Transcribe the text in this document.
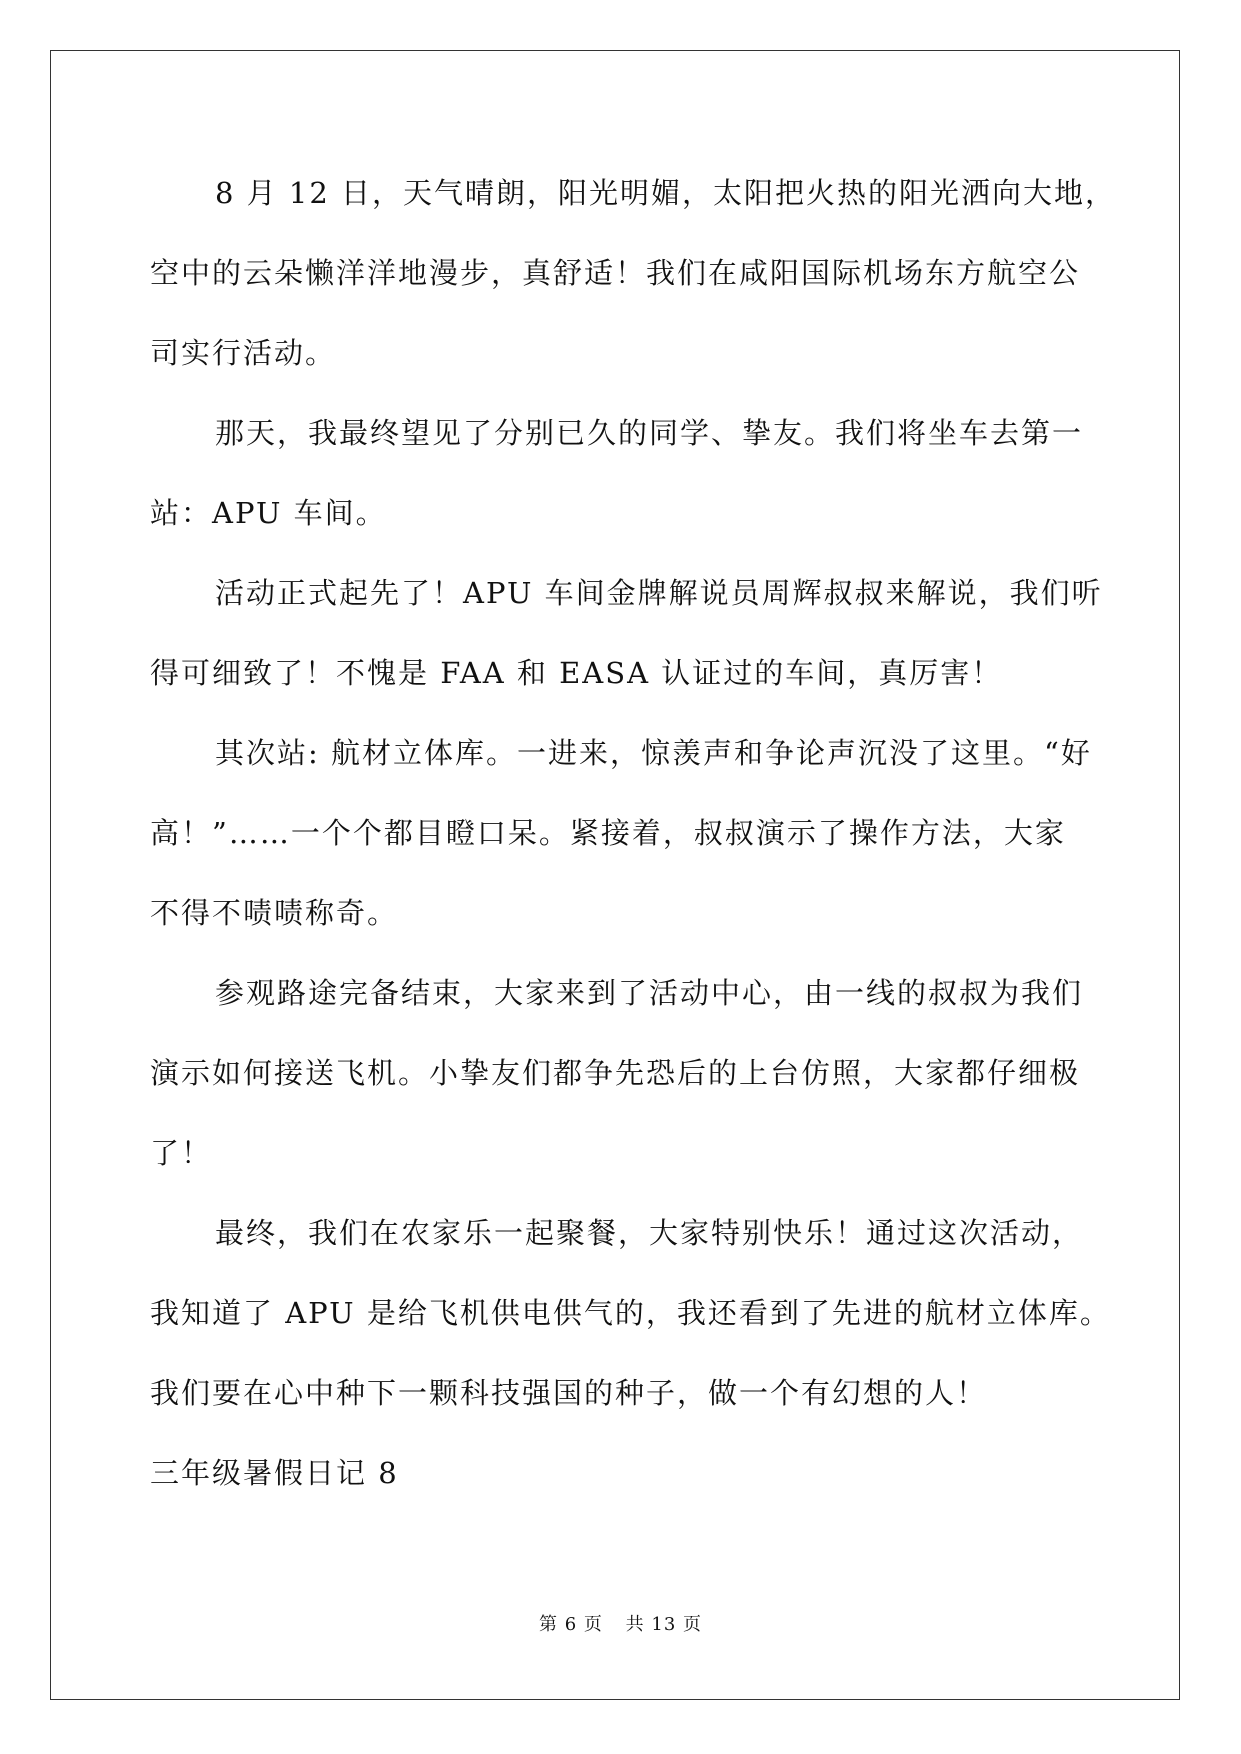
8 月 12 日，天气晴朗，阳光明媚，太阳把火热的阳光洒向大地，
空中的云朵懒洋洋地漫步，真舒适！我们在咸阳国际机场东方航空公
司实行活动。
那天，我最终望见了分别已久的同学、挚友。我们将坐车去第一
站：APU 车间。
活动正式起先了！APU 车间金牌解说员周辉叔叔来解说，我们听
得可细致了！不愧是 FAA 和 EASA 认证过的车间，真厉害！
其次站: 航材立体库。一进来，惊羡声和争论声沉没了这里。“好
高！”……一个个都目瞪口呆。紧接着，叔叔演示了操作方法，大家
不得不啧啧称奇。
参观路途完备结束，大家来到了活动中心，由一线的叔叔为我们
演示如何接送飞机。小挚友们都争先恐后的上台仿照，大家都仔细极
了！
最终，我们在农家乐一起聚餐，大家特别快乐！通过这次活动，
我知道了 APU 是给飞机供电供气的，我还看到了先进的航材立体库。
我们要在心中种下一颗科技强国的种子，做一个有幻想的人！
三年级暑假日记 8
第 6 页 共 13 页
